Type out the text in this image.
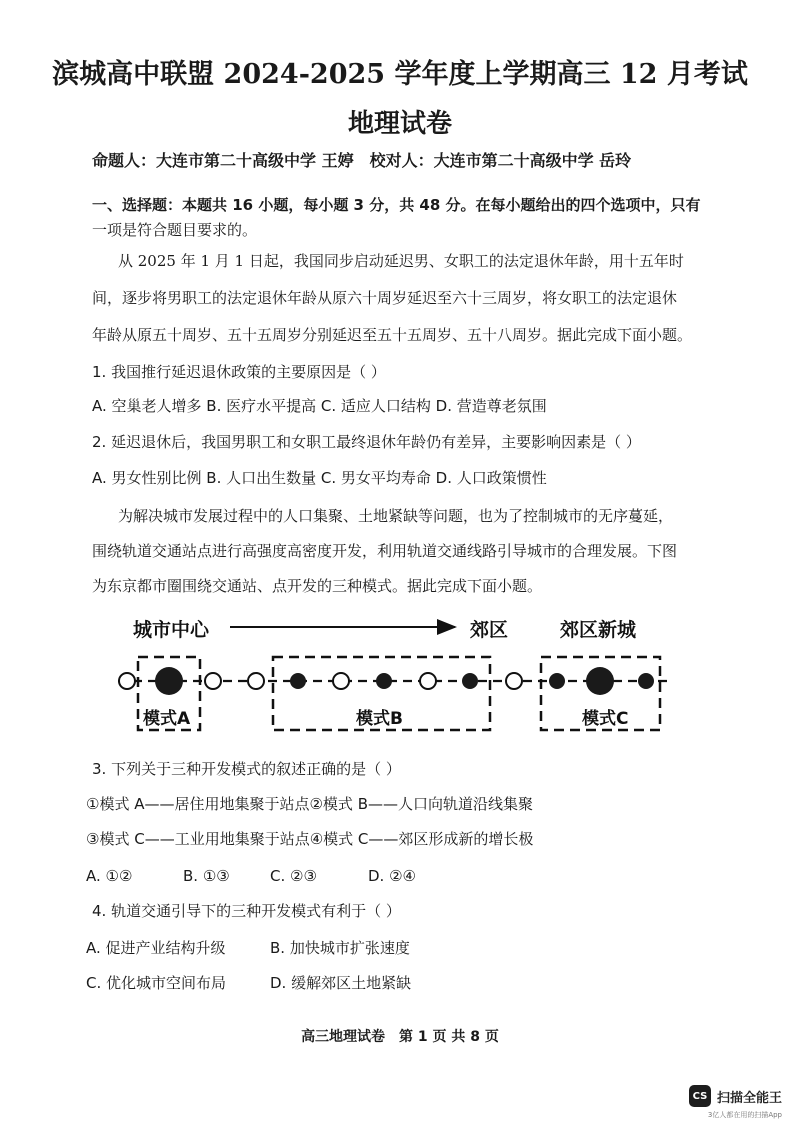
滨城高中联盟 2024-2025 学年度上学期高三 12 月考试
地理试卷
命题人：大连市第二十高级中学 王婷　校对人：大连市第二十高级中学 岳玲
一、选择题：本题共 16 小题，每小题 3 分，共 48 分。在每小题给出的四个选项中，只有
一项是符合题目要求的。
从 2025 年 1 月 1 日起，我国同步启动延迟男、女职工的法定退休年龄，用十五年时
间，逐步将男职工的法定退休年龄从原六十周岁延迟至六十三周岁，将女职工的法定退休
年龄从原五十周岁、五十五周岁分别延迟至五十五周岁、五十八周岁。据此完成下面小题。
1. 我国推行延迟退休政策的主要原因是（ ）
A. 空巢老人增多 B. 医疗水平提高 C. 适应人口结构 D. 营造尊老氛围
2. 延迟退休后，我国男职工和女职工最终退休年龄仍有差异，主要影响因素是（ ）
A. 男女性别比例 B. 人口出生数量 C. 男女平均寿命 D. 人口政策惯性
为解决城市发展过程中的人口集聚、土地紧缺等问题，也为了控制城市的无序蔓延，
围绕轨道交通站点进行高强度高密度开发，利用轨道交通线路引导城市的合理发展。下图
为东京都市圈围绕交通站、点开发的三种模式。据此完成下面小题。
城市中心	郊区	郊区新城
模式A	模式B	模式C
3. 下列关于三种开发模式的叙述正确的是（ ）
①模式 A——居住用地集聚于站点②模式 B——人口向轨道沿线集聚
③模式 C——工业用地集聚于站点④模式 C——郊区形成新的增长极
A. ①②	B. ①③	C. ②③	D. ②④
4. 轨道交通引导下的三种开发模式有利于（ ）
A. 促进产业结构升级	B. 加快城市扩张速度
C. 优化城市空间布局	D. 缓解郊区土地紧缺
高三地理试卷　第 1 页 共 8 页
CS 扫描全能王
3亿人都在用的扫描App
